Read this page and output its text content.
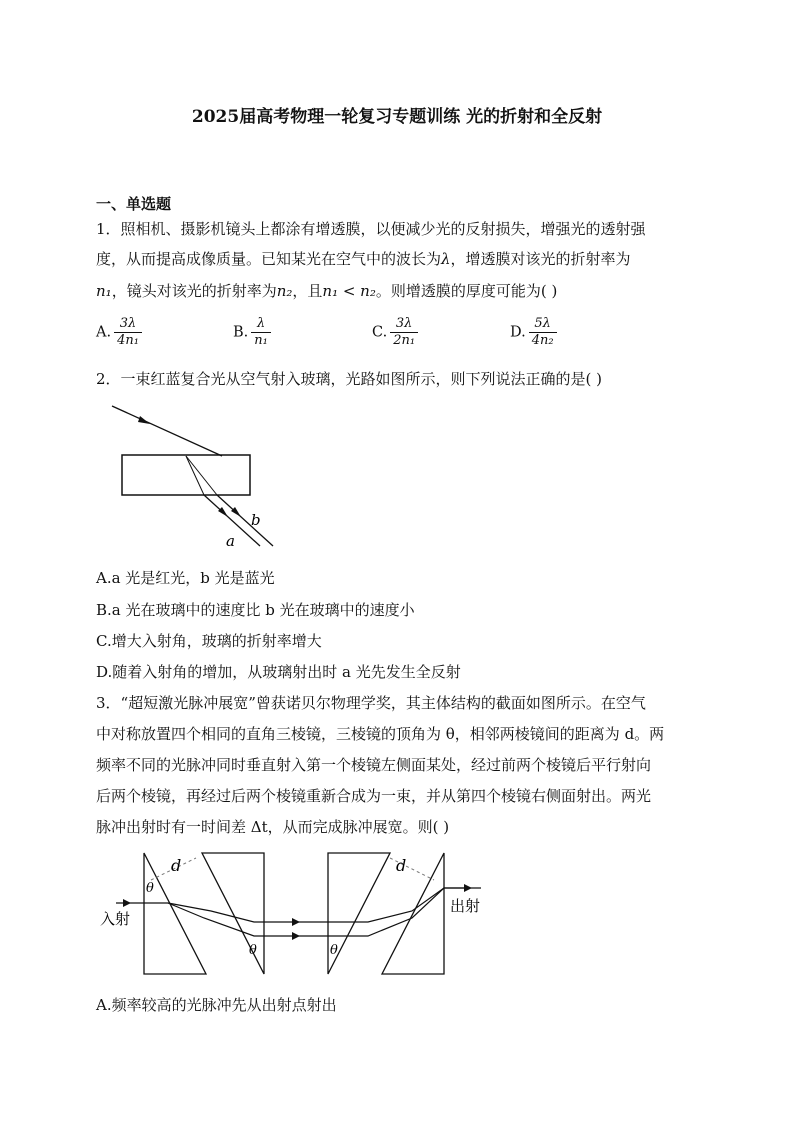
2025届高考物理一轮复习专题训练 光的折射和全反射
一、单选题
1．照相机、摄影机镜头上都涂有增透膜，以便减少光的反射损失，增强光的透射强
度，从而提高成像质量。已知某光在空气中的波长为λ，增透膜对该光的折射率为
n₁，镜头对该光的折射率为n₂，且n₁ < n₂。则增透膜的厚度可能为( )
A. $\frac{3\lambda}{\text{4n₁}}$	B. $\frac{\lambda}{\text{n₁}}$	C. $\frac{3\lambda}{\text{2n₁}}$	D. $\frac{5\lambda}{\text{4n₂}}$
2．一束红蓝复合光从空气射入玻璃，光路如图所示，则下列说法正确的是( )
a
b
A.a 光是红光，b 光是蓝光
B.a 光在玻璃中的速度比 b 光在玻璃中的速度小
C.增大入射角，玻璃的折射率增大
D.随着入射角的增加，从玻璃射出时 a 光先发生全反射
3．“超短激光脉冲展宽”曾获诺贝尔物理学奖，其主体结构的截面如图所示。在空气
中对称放置四个相同的直角三棱镜，三棱镜的顶角为 θ，相邻两棱镜间的距离为 d。两
频率不同的光脉冲同时垂直射入第一个棱镜左侧面某处，经过前两个棱镜后平行射向
后两个棱镜，再经过后两个棱镜重新合成为一束，并从第四个棱镜右侧面射出。两光
脉冲出射时有一时间差 Δt，从而完成脉冲展宽。则( )
d	d
θ
θ	θ
入射
出射
A.频率较高的光脉冲先从出射点射出
